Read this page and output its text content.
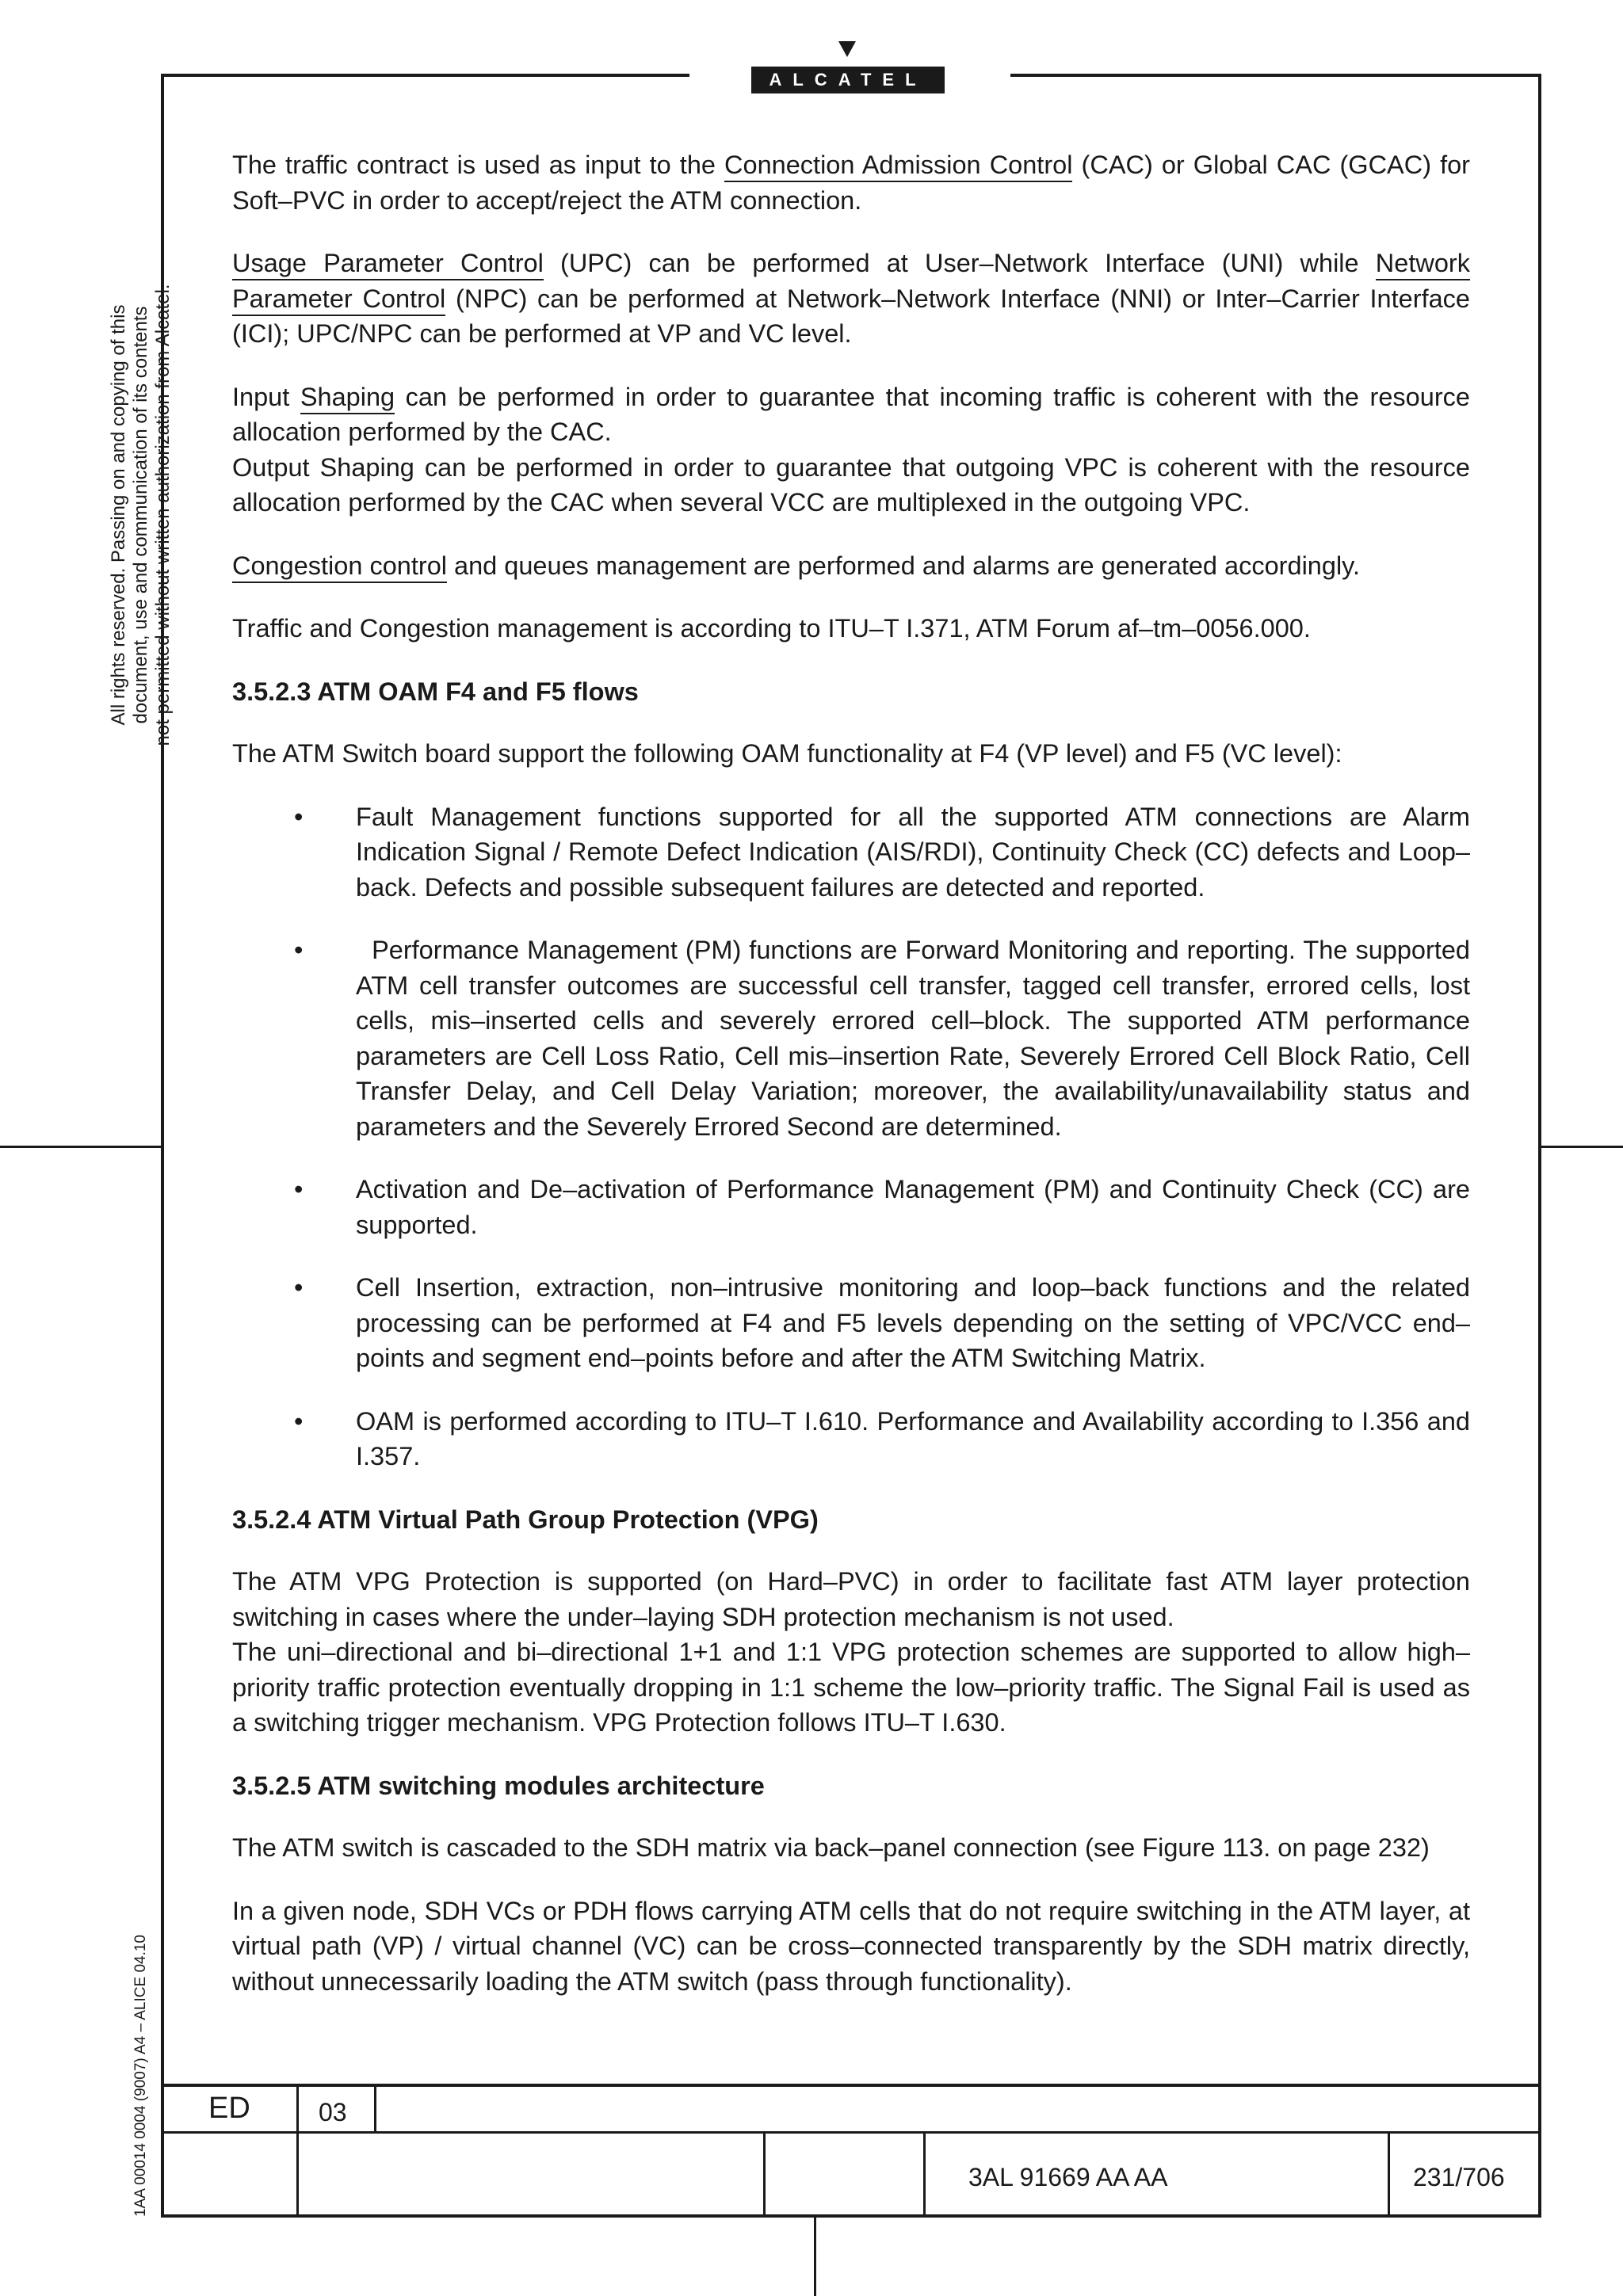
ALCATEL
All rights reserved. Passing on and copying of this document, use and communication of its contents not permitted without written authorization from Alcatel.
1AA 00014 0004 (9007) A4 – ALICE 04.10

The traffic contract is used as input to the Connection Admission Control (CAC) or Global CAC (GCAC) for Soft–PVC in order to accept/reject the ATM connection.

Usage Parameter Control (UPC) can be performed at User–Network Interface (UNI) while Network Parameter Control (NPC) can be performed at Network–Network Interface (NNI) or Inter–Carrier Interface (ICI); UPC/NPC can be performed at VP and VC level.

Input Shaping can be performed in order to guarantee that incoming traffic is coherent with the resource allocation performed by the CAC.

Output Shaping can be performed in order to guarantee that outgoing VPC is coherent with the resource allocation performed by the CAC when several VCC are multiplexed in the outgoing VPC.

Congestion control and queues management are performed and alarms are generated accordingly.

Traffic and Congestion management is according to ITU–T I.371, ATM Forum af–tm–0056.000.

3.5.2.3 ATM OAM F4 and F5 flows

The ATM Switch board support the following OAM functionality at F4 (VP level) and F5 (VC level):

• Fault Management functions supported for all the supported ATM connections are Alarm Indication Signal / Remote Defect Indication (AIS/RDI), Continuity Check (CC) defects and Loop–back. Defects and possible subsequent failures are detected and reported.
• Performance Management (PM) functions are Forward Monitoring and reporting. The supported ATM cell transfer outcomes are successful cell transfer, tagged cell transfer, errored cells, lost cells, mis–inserted cells and severely errored cell–block. The supported ATM performance parameters are Cell Loss Ratio, Cell mis–insertion Rate, Severely Errored Cell Block Ratio, Cell Transfer Delay, and Cell Delay Variation; moreover, the availability/unavailability status and parameters and the Severely Errored Second are determined.
• Activation and De–activation of Performance Management (PM) and Continuity Check (CC) are supported.
• Cell Insertion, extraction, non–intrusive monitoring and loop–back functions and the related processing can be performed at F4 and F5 levels depending on the setting of VPC/VCC end–points and segment end–points before and after the ATM Switching Matrix.
• OAM is performed according to ITU–T I.610. Performance and Availability according to I.356 and I.357.
3.5.2.4 ATM Virtual Path Group Protection (VPG)

The ATM VPG Protection is supported (on Hard–PVC) in order to facilitate fast ATM layer protection switching in cases where the under–laying SDH protection mechanism is not used.

The uni–directional and bi–directional 1+1 and 1:1 VPG protection schemes are supported to allow high–priority traffic protection eventually dropping in 1:1 scheme the low–priority traffic. The Signal Fail is used as a switching trigger mechanism. VPG Protection follows ITU–T I.630.

3.5.2.5 ATM switching modules architecture

The ATM switch is cascaded to the SDH matrix via back–panel connection (see Figure 113. on page 232)

In a given node, SDH VCs or PDH flows carrying ATM cells that do not require switching in the ATM layer, at virtual path (VP) / virtual channel (VC) can be cross–connected transparently by the SDH matrix directly, without unnecessarily loading the ATM switch (pass through functionality).

ED	03
3AL 91669 AA AA	231/706
